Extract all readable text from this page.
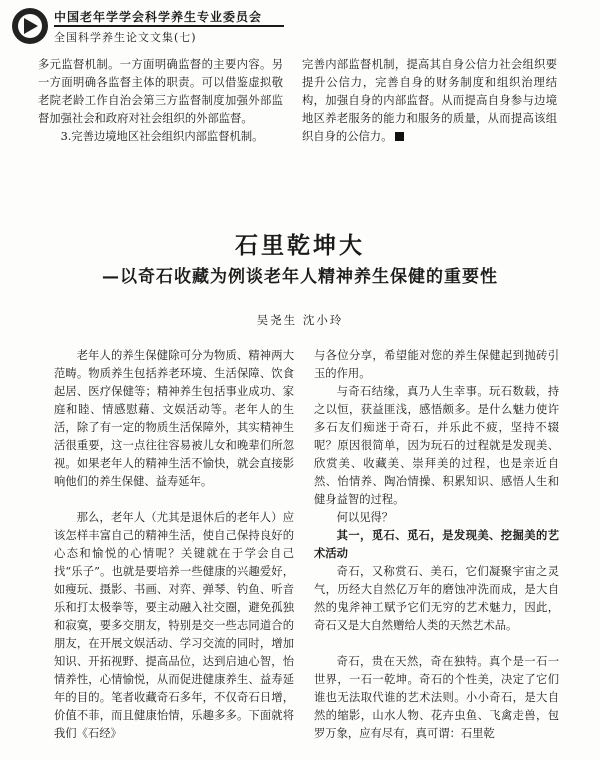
中国老年学学会科学养生专业委员会
全国科学养生论文文集(七)

多元监督机制。一方面明确监督的主要内容。另一方面明确各监督主体的职责。可以借鉴虚拟敬老院老龄工作自治会第三方监督制度加强外部监督加强社会和政府对社会组织的外部监督。

3.完善边境地区社会组织内部监督机制。

完善内部监督机制，提高其自身公信力社会组织要提升公信力，完善自身的财务制度和组织治理结构，加强自身的内部监督。从而提高自身参与边境地区养老服务的能力和服务的质量，从而提高该组织自身的公信力。

石里乾坤大
—以奇石收藏为例谈老年人精神养生保健的重要性
吴尧生 沈小玲

老年人的养生保健除可分为物质、精神两大范畴。物质养生包括养老环境、生活保障、饮食起居、医疗保健等；精神养生包括事业成功、家庭和睦、情感慰藉、文娱活动等。老年人的生活，除了有一定的物质生活保障外，其实精神生活很重要，这一点往往容易被儿女和晚辈们所忽视。如果老年人的精神生活不愉快，就会直接影响他们的养生保健、益寿延年。

那么，老年人（尤其是退休后的老年人）应该怎样丰富自己的精神生活，使自己保持良好的心态和愉悦的心情呢？关键就在于学会自己找“乐子”。也就是要培养一些健康的兴趣爱好，如瘦玩、摄影、书画、对弈、弹琴、钓鱼、听音乐和打太极拳等，要主动融入社交圈，避免孤独和寂寞，要多交朋友，特别是交一些志同道合的朋友，在开展文娱活动、学习交流的同时，增加知识、开拓视野、提高品位，达到启迪心智，怡情养性，心情愉悦，从而促进健康养生、益寿延年的目的。笔者收藏奇石多年，不仅奇石日增，价值不菲，而且健康怡情，乐趣多多。下面就将我们《石经》

与各位分享，希望能对您的养生保健起到抛砖引玉的作用。

与奇石结缘，真乃人生幸事。玩石数载，持之以恒，获益匪浅，感悟颇多。是什么魅力使许多石友们痴迷于奇石，并乐此不疲，坚持不辍呢？原因很简单，因为玩石的过程就是发现美、欣赏美、收藏美、崇拜美的过程，也是亲近自然、怡情养、陶冶情操、积累知识、感悟人生和健身益智的过程。

何以见得？

其一，觅石、觅石，是发现美、挖掘美的艺术活动

奇石，又称赏石、美石，它们凝聚宇宙之灵气，历经大自然亿万年的磨蚀冲洗而成，是大自然的鬼斧神工赋予它们无穷的艺术魅力，因此，奇石又是大自然赠给人类的天然艺术品。

奇石，贵在天然，奇在独特。真个是一石一世界，一石一乾坤。奇石的个性美，决定了它们谁也无法取代谁的艺术法则。小小奇石，是大自然的缩影，山水人物、花卉虫鱼、飞禽走兽，包罗万象，应有尽有，真可谓：石里乾
